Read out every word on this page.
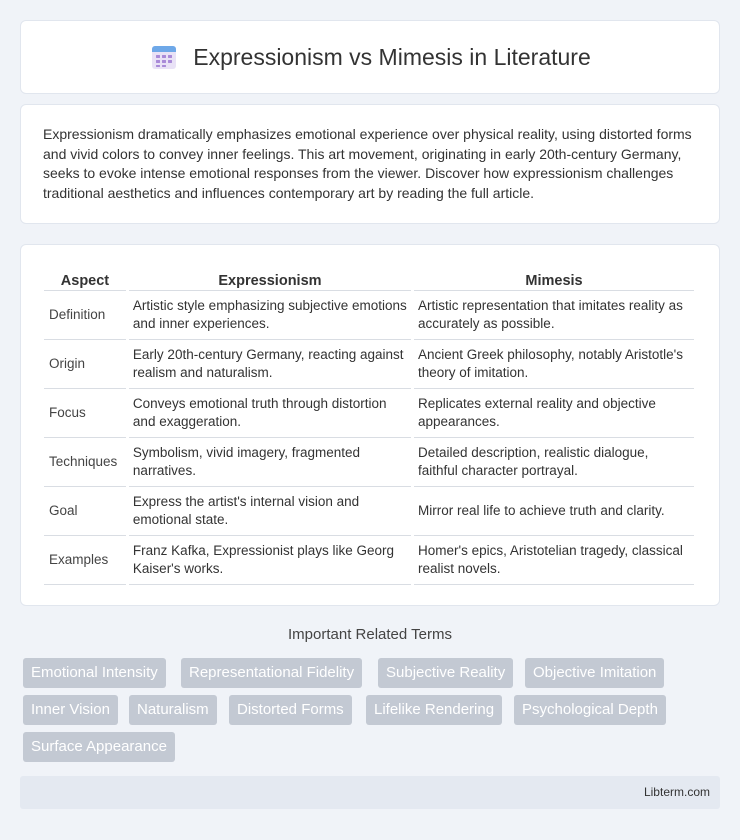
Expressionism vs Mimesis in Literature

Expressionism dramatically emphasizes emotional experience over physical reality, using distorted forms and vivid colors to convey inner feelings. This art movement, originating in early 20th-century Germany, seeks to evoke intense emotional responses from the viewer. Discover how expressionism challenges traditional aesthetics and influences contemporary art by reading the full article.

Aspect	Expressionism	Mimesis
Definition	Artistic style emphasizing subjective emotions and inner experiences.	Artistic representation that imitates reality as accurately as possible.
Origin	Early 20th-century Germany, reacting against realism and naturalism.	Ancient Greek philosophy, notably Aristotle's theory of imitation.
Focus	Conveys emotional truth through distortion and exaggeration.	Replicates external reality and objective appearances.
Techniques	Symbolism, vivid imagery, fragmented narratives.	Detailed description, realistic dialogue, faithful character portrayal.
Goal	Express the artist's internal vision and emotional state.	Mirror real life to achieve truth and clarity.
Examples	Franz Kafka, Expressionist plays like Georg Kaiser's works.	Homer's epics, Aristotelian tragedy, classical realist novels.
Important Related Terms
Emotional Intensity	Representational Fidelity	Subjective Reality	Objective Imitation
Inner Vision	Naturalism	Distorted Forms	Lifelike Rendering	Psychological Depth
Surface Appearance
Libterm.com
